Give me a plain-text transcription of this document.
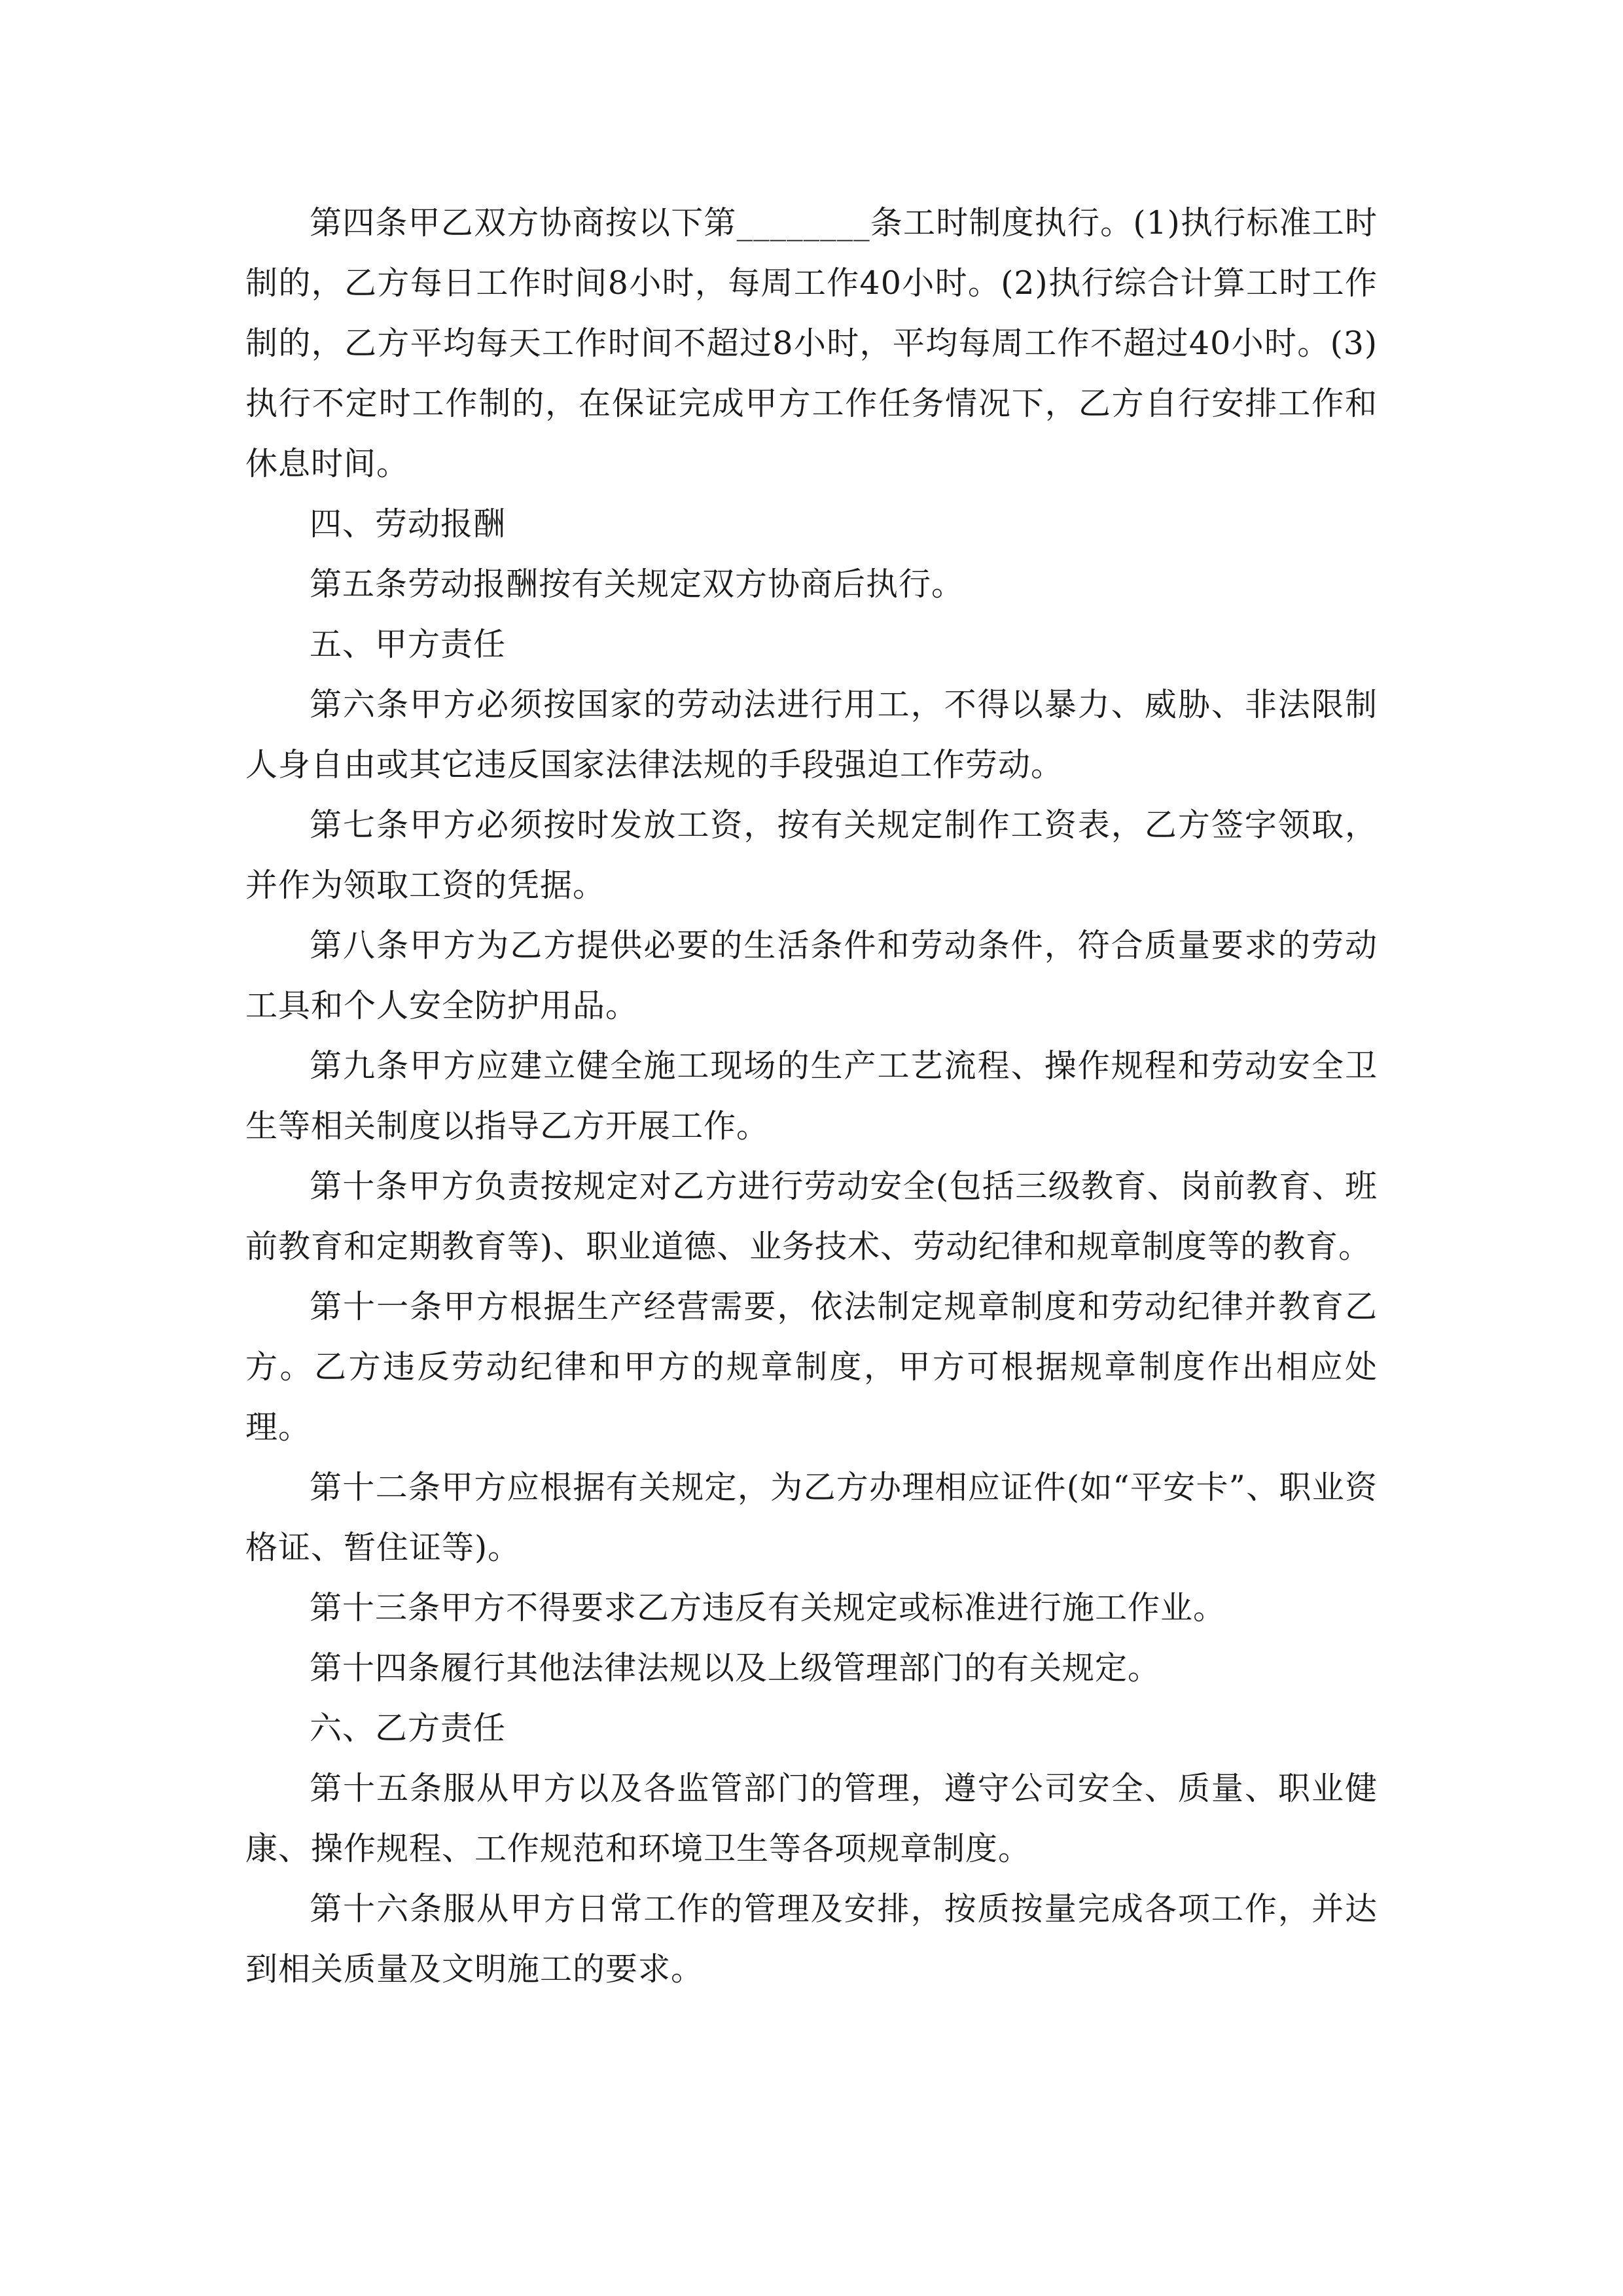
第四条甲乙双方协商按以下第________条工时制度执行。(1)执行标准工时制的，乙方每日工作时间8小时，每周工作40小时。(2)执行综合计算工时工作制的，乙方平均每天工作时间不超过8小时，平均每周工作不超过40小时。(3)执行不定时工作制的，在保证完成甲方工作任务情况下，乙方自行安排工作和休息时间。

四、劳动报酬

第五条劳动报酬按有关规定双方协商后执行。

五、甲方责任

第六条甲方必须按国家的劳动法进行用工，不得以暴力、威胁、非法限制人身自由或其它违反国家法律法规的手段强迫工作劳动。

第七条甲方必须按时发放工资，按有关规定制作工资表，乙方签字领取，并作为领取工资的凭据。

第八条甲方为乙方提供必要的生活条件和劳动条件，符合质量要求的劳动工具和个人安全防护用品。

第九条甲方应建立健全施工现场的生产工艺流程、操作规程和劳动安全卫生等相关制度以指导乙方开展工作。

第十条甲方负责按规定对乙方进行劳动安全(包括三级教育、岗前教育、班前教育和定期教育等)、职业道德、业务技术、劳动纪律和规章制度等的教育。

第十一条甲方根据生产经营需要，依法制定规章制度和劳动纪律并教育乙方。乙方违反劳动纪律和甲方的规章制度，甲方可根据规章制度作出相应处理。

第十二条甲方应根据有关规定，为乙方办理相应证件(如“平安卡”、职业资格证、暂住证等)。

第十三条甲方不得要求乙方违反有关规定或标准进行施工作业。

第十四条履行其他法律法规以及上级管理部门的有关规定。

六、乙方责任

第十五条服从甲方以及各监管部门的管理，遵守公司安全、质量、职业健康、操作规程、工作规范和环境卫生等各项规章制度。

第十六条服从甲方日常工作的管理及安排，按质按量完成各项工作，并达到相关质量及文明施工的要求。
